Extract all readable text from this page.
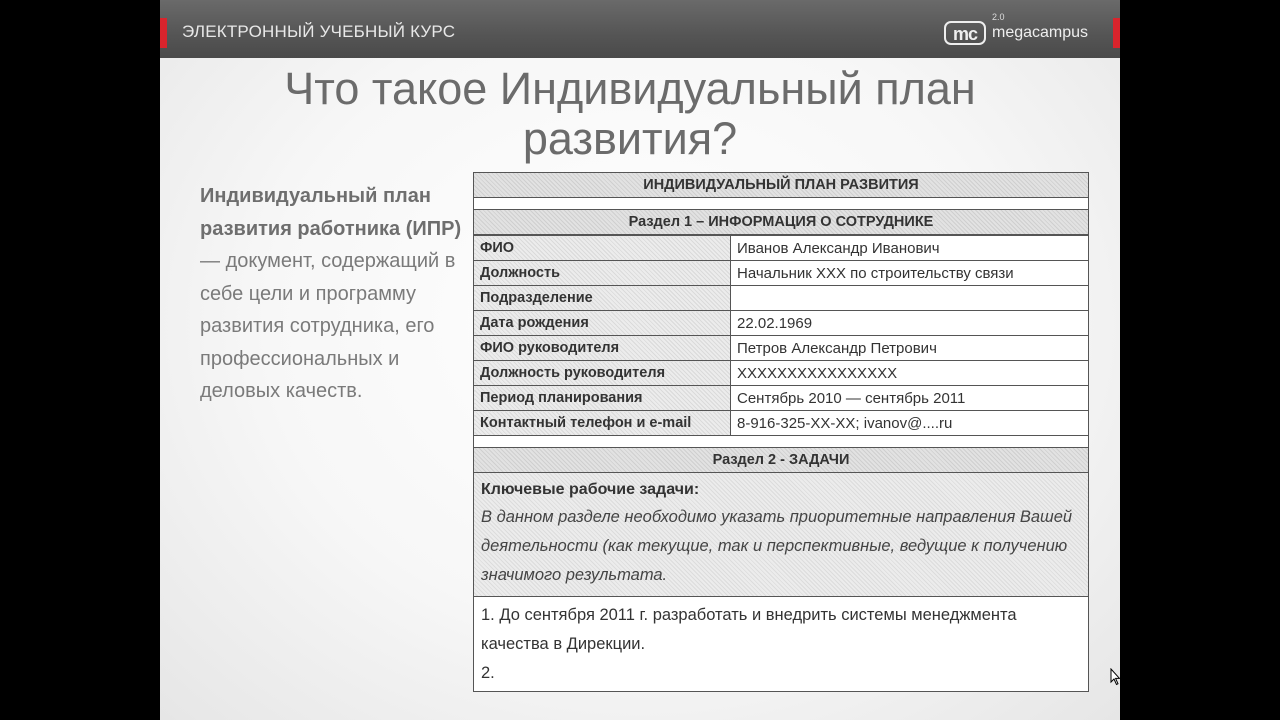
ЭЛЕКТРОННЫЙ УЧЕБНЫЙ КУРС	mc
2.0
megacampus
Что такое Индивидуальный план
развития?
Индивидуальный план развития работника (ИПР) — документ, содержащий в себе цели и программу развития сотрудника, его профессиональных и деловых качеств.
ИНДИВИДУАЛЬНЫЙ ПЛАН РАЗВИТИЯ
Раздел 1 – ИНФОРМАЦИЯ О СОТРУДНИКЕ
ФИО	Иванов Александр Иванович
Должность	Начальник XXX по строительству связи
Подразделение	
Дата рождения	22.02.1969
ФИО руководителя	Петров Александр Петрович
Должность руководителя	XXXXXXXXXXXXXXXX
Период планирования	Сентябрь 2010 — сентябрь 2011
Контактный телефон и e-mail	8-916-325-XX-XX; ivanov@....ru
Раздел 2 - ЗАДАЧИ
Ключевые рабочие задачи:
В данном разделе необходимо указать приоритетные направления Вашей деятельности (как текущие, так и перспективные, ведущие к получению значимого результата.
1. До сентября 2011 г. разработать и внедрить системы менеджмента качества в Дирекции.
2.
